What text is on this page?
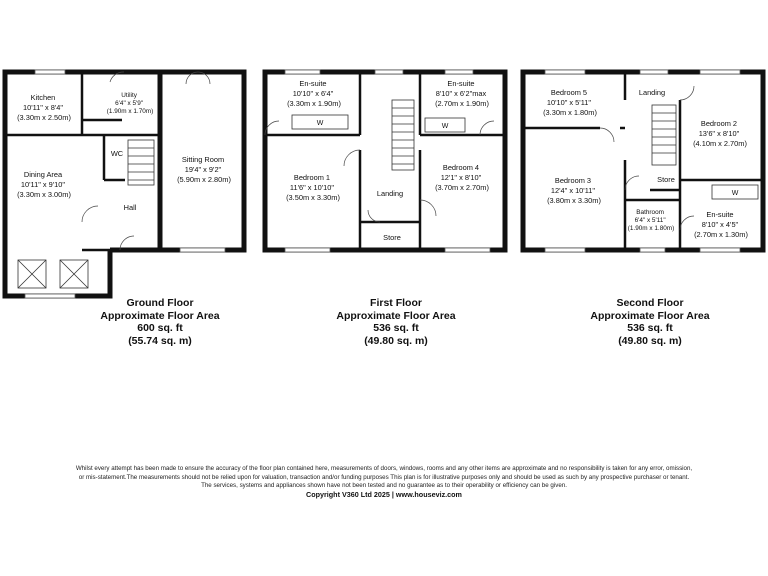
Kitchen 10'11" x 8'4" (3.30m x 2.50m)
Utility 6'4" x 5'9" (1.90m x 1.70m)
Sitting Room 19'4" x 9'2" (5.90m x 2.80m)
WC
Dining Area 10'11" x 9'10" (3.30m x 3.00m)
Hall
W	W
En-suite 10'10" x 6'4" (3.30m x 1.90m)
En-suite 8'10" x 6'2"max (2.70m x 1.90m)
Bedroom 1 11'6" x 10'10" (3.50m x 3.30m)
Bedroom 4 12'1" x 8'10" (3.70m x 2.70m)
Landing
Store
W
Bedroom 5 10'10" x 5'11" (3.30m x 1.80m)
Landing
Bedroom 2 13'6" x 8'10" (4.10m x 2.70m)
Bedroom 3 12'4" x 10'11" (3.80m x 3.30m)
Store
Bathroom 6'4" x 5'11" (1.90m x 1.80m)
En-suite 8'10" x 4'5" (2.70m x 1.30m)
Ground Floor
Approximate Floor Area
600 sq. ft
(55.74 sq. m)
First Floor
Approximate Floor Area
536 sq. ft
(49.80 sq. m)
Second Floor
Approximate Floor Area
536 sq. ft
(49.80 sq. m)
Whilst every attempt has been made to ensure the accuracy of the floor plan contained here, measurements of doors, windows, rooms and any other items are approximate and no responsibility is taken for any error, omission,
or mis-statement.The measurements should not be relied upon for valuation, transaction and/or funding purposes This plan is for illustrative purposes only and should be used as such by any prospective purchaser or tenant.
The services, systems and appliances shown have not been tested and no guarantee as to their operability or efficiency can be given.
Copyright V360 Ltd 2025 | www.houseviz.com
